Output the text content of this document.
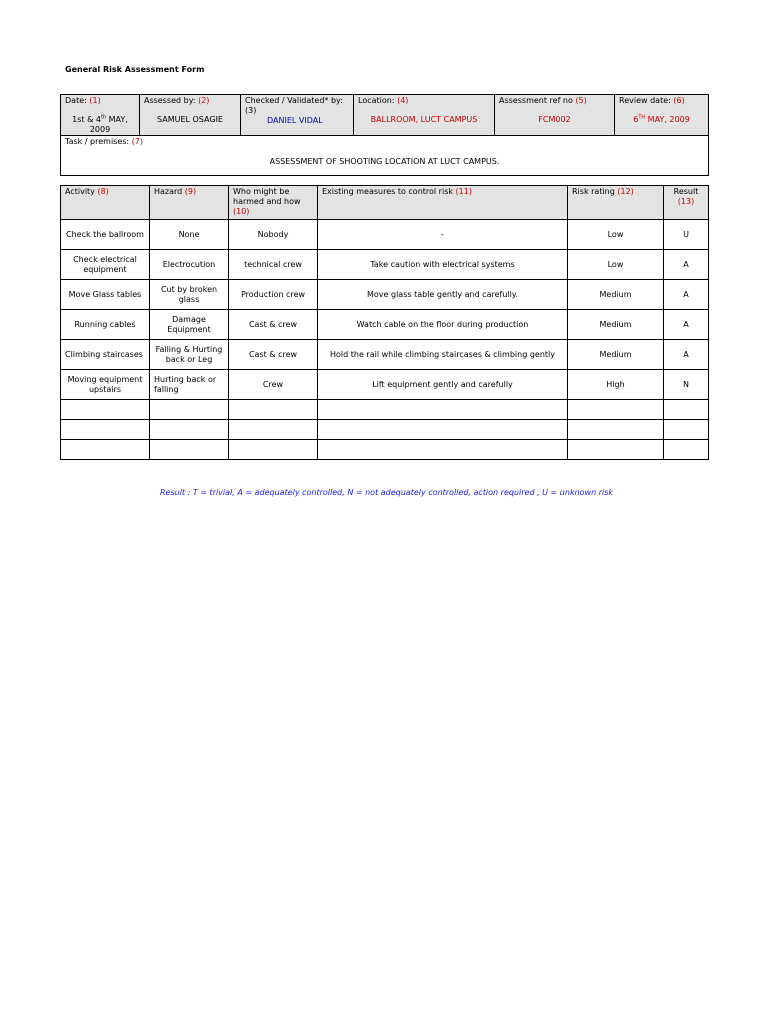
General Risk Assessment Form
Date: (1)
1st & 4th MAY, 2009

Assessed by: (2)
SAMUEL OSAGIE

Checked / Validated* by: (3)
DANIEL VIDAL

Location: (4)
BALLROOM, LUCT CAMPUS

Assessment ref no (5)
FCM002

Review date: (6)
6TH MAY, 2009

Task / premises: (7)
ASSESSMENT OF SHOOTING LOCATION AT LUCT CAMPUS.
Activity (8)	Hazard (9)	Who might be harmed and how (10)	Existing measures to control risk (11)	Risk rating (12)	Result (13)
Check the ballroom	None	Nobody	-	Low	U
Check electrical equipment	Electrocution	technical crew	Take caution with electrical systems	Low	A
Move Glass tables	Cut by broken glass	Production crew	Move glass table gently and carefully.	Medium	A
Running cables	Damage Equipment	Cast & crew	Watch cable on the floor during production	Medium	A
Climbing staircases	Falling & Hurting back or Leg	Cast & crew	Hold the rail while climbing staircases & climbing gently	Medium	A
Moving equipment upstairs	Hurting back or falling	Crew	Lift equipment gently and carefully	High	N

Result : T = trivial, A = adequately controlled, N = not adequately controlled, action required , U = unknown risk
